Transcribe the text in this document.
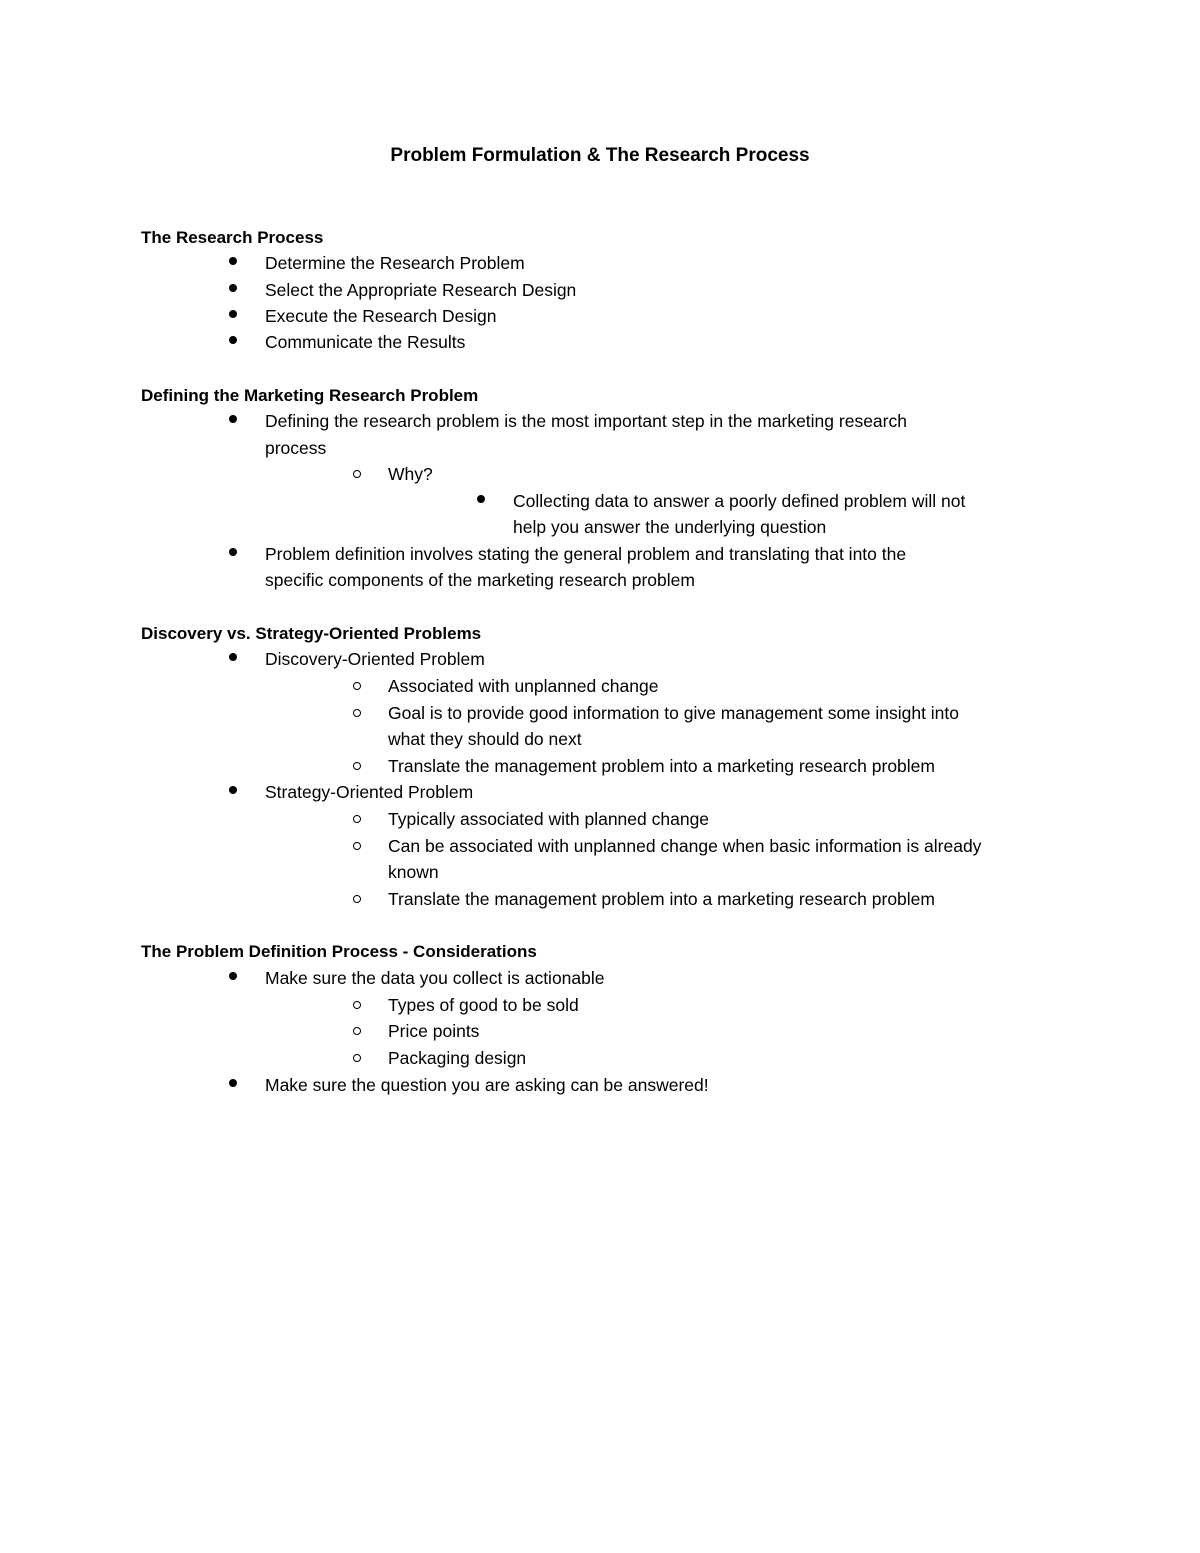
Problem Formulation & The Research Process
The Research Process
Determine the Research Problem
Select the Appropriate Research Design
Execute the Research Design
Communicate the Results
Defining the Marketing Research Problem
Defining the research problem is the most important step in the marketing research
process
Why?
Collecting data to answer a poorly defined problem will not
help you answer the underlying question
Problem definition involves stating the general problem and translating that into the
specific components of the marketing research problem
Discovery vs. Strategy-Oriented Problems
Discovery-Oriented Problem
Associated with unplanned change
Goal is to provide good information to give management some insight into
what they should do next
Translate the management problem into a marketing research problem
Strategy-Oriented Problem
Typically associated with planned change
Can be associated with unplanned change when basic information is already
known
Translate the management problem into a marketing research problem
The Problem Definition Process - Considerations
Make sure the data you collect is actionable
Types of good to be sold
Price points
Packaging design
Make sure the question you are asking can be answered!
